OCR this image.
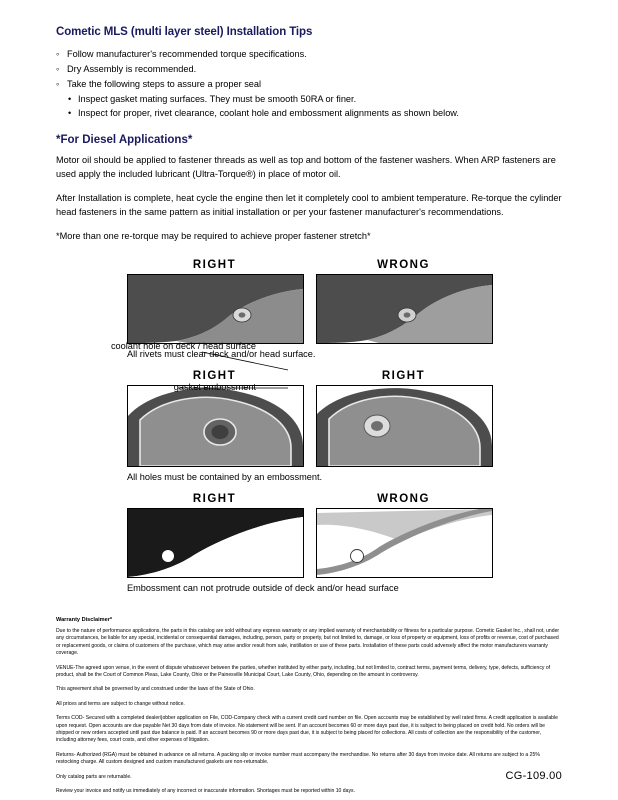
Cometic MLS (multi layer steel) Installation Tips
◦ Follow manufacturer's recommended torque specifications.
◦ Dry Assembly is recommended.
◦ Take the following steps to assure a proper seal
• Inspect gasket mating surfaces. They must be smooth 50RA or finer.
• Inspect for proper, rivet clearance, coolant hole and embossment alignments as shown below.
*For Diesel Applications*

Motor oil should be applied to fastener threads as well as top and bottom of the fastener washers. When ARP fasteners are used apply the included lubricant (Ultra-Torque®) in place of motor oil.

After Installation is complete, heat cycle the engine then let it completely cool to ambient temperature. Re-torque the cylinder head fasteners in the same pattern as initial installation or per your fastener manufacturer's recommendations.

*More than one re-torque may be required to achieve proper fastener stretch*

RIGHT	WRONG

All rivets must clear deck and/or head surface.

RIGHT	RIGHT

All holes must be contained by an embossment.

RIGHT	WRONG

Embossment can not protrude outside of deck and/or head surface

coolant hole on deck / head surface
gasket embossment
Warranty Disclaimer*

Due to the nature of performance applications, the parts in this catalog are sold without any express warranty or any implied warranty of merchantability or fitness for a particular purpose. Cometic Gasket Inc., shall not, under any circumstances, be liable for any special, incidental or consequential damages, including, person, party or property, but not limited to, damage, or loss of property or equipment, loss of profits or revenue, cost of purchased or replacement goods, or claims of customers of the purchase, which may arise and/or result from sale, instillation or use of these parts. Installation of these parts could adversely affect the motor manufacturers warranty coverage.

VENUE-The agreed upon venue, in the event of dispute whatsoever between the parties, whether instituted by either party, including, but not limited to, contract terms, payment terms, delivery, type, defects, sufficiency of product, shall be the Court of Common Pleas, Lake County, Ohio or the Painesville Municipal Court, Lake County, Ohio, depending on the amount in controversy.

This agreement shall be governed by and construed under the laws of the State of Ohio.

All prices and terms are subject to change without notice.

Terms COD- Secured with a completed dealer/jobber application on File, COD-Company check with a current credit card number on file. Open accounts may be established by well rated firms. A credit application is available upon request. Open accounts are due payable Net 30 days from date of invoice. No statement will be sent. If an account becomes 60 or more days past due, it is subject to being placed on credit hold. No orders will be shipped or new orders accepted until past due balance is paid. If an account becomes 90 or more days past due, it is subject to being placed for collections. All costs of collection are the responsibility of the customer, including attorney fees, court costs, and other expenses of litigation.

Returns- Authorized (RGA) must be obtained in advance on all returns. A packing slip or invoice number must accompany the merchandise. No returns after 30 days from invoice date. All returns are subject to a 25% restocking charge. All custom designed and custom manufactured gaskets are non-returnable.

Only catalog parts are returnable.

Review your invoice and notify us immediately of any incorrect or inaccurate information. Shortages must be reported within 10 days.

CG-109.00
